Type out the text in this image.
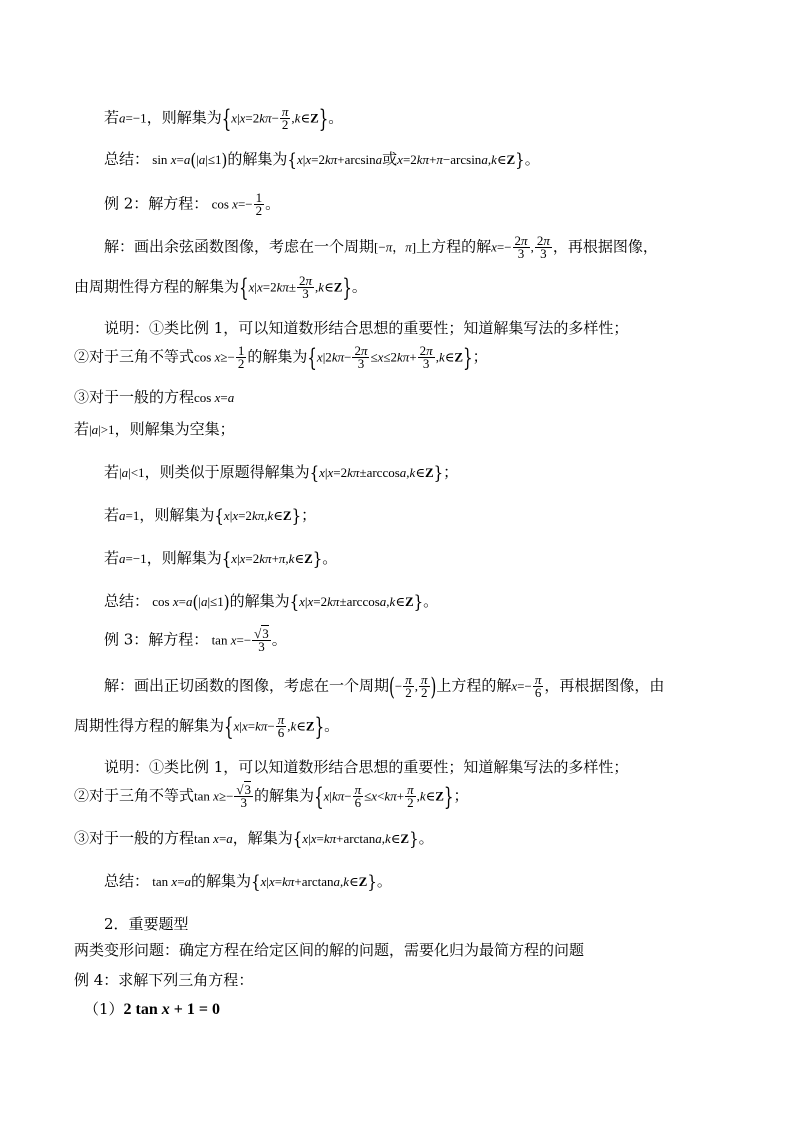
若a=−1，则解集为{$x|x=2k\pi- \frac{\pi}{2}$ ,k∈Z}。
总结： sin x=a(|a|≤1)的解集为{x|x=2kπ+arcsina或x=2kπ+π−arcsina,k∈Z}。
例 2：解方程： $\cos x=- \frac{1}{2}$ 。
解：画出余弦函数图像，考虑在一个周期[−π，π]上方程的解$x=- \frac{2\pi}{3}$ , $\frac{2\pi}{3}$ ，再根据图像，
由周期性得方程的解集为{$x|x=2k\pi\pm \frac{2\pi}{3}$ ,k∈Z}。
说明：①类比例 1，可以知道数形结合思想的重要性；知道解集写法的多样性；
②对于三角不等式$\cos x\ge- \frac{1}{2}$ 的解集为{$x|2k\pi- \frac{2\pi}{3} \le x\le 2k\pi+ \frac{2\pi}{3}$ ,k∈Z}；
③对于一般的方程cos x=a
若|a|>1，则解集为空集；
若|a|<1，则类似于原题得解集为{x|x=2kπ±arccosa,k∈Z}；
若a=1，则解集为{x|x=2kπ,k∈Z}；
若a=−1，则解集为{x|x=2kπ+π,k∈Z}。
总结： cos x=a(|a|≤1)的解集为{x|x=2kπ±arccosa,k∈Z}。
例 3：解方程： $\tan x=- \frac{√3}{3}$ 。
解：画出正切函数的图像，考虑在一个周期(− $\frac{\pi}{2}$ , $\frac{\pi}{2}$ )上方程的解$x=- \frac{\pi}{6}$ ，再根据图像，由
周期性得方程的解集为{$x|x=k\pi- \frac{\pi}{6}$ ,k∈Z}。
说明：①类比例 1，可以知道数形结合思想的重要性；知道解集写法的多样性；
②对于三角不等式$\tan x\ge- \frac{√3}{3}$ 的解集为{$x|k\pi- \frac{\pi}{6} \le x<k\pi+ \frac{\pi}{2}$ ,k∈Z}；
③对于一般的方程tan x=a，解集为{x|x=kπ+arctana,k∈Z}。
总结： tan x=a的解集为{x|x=kπ+arctana,k∈Z}。
2．重要题型
两类变形问题：确定方程在给定区间的解的问题，需要化归为最简方程的问题
例 4：求解下列三角方程：
（1）2 tan x + 1 = 0
